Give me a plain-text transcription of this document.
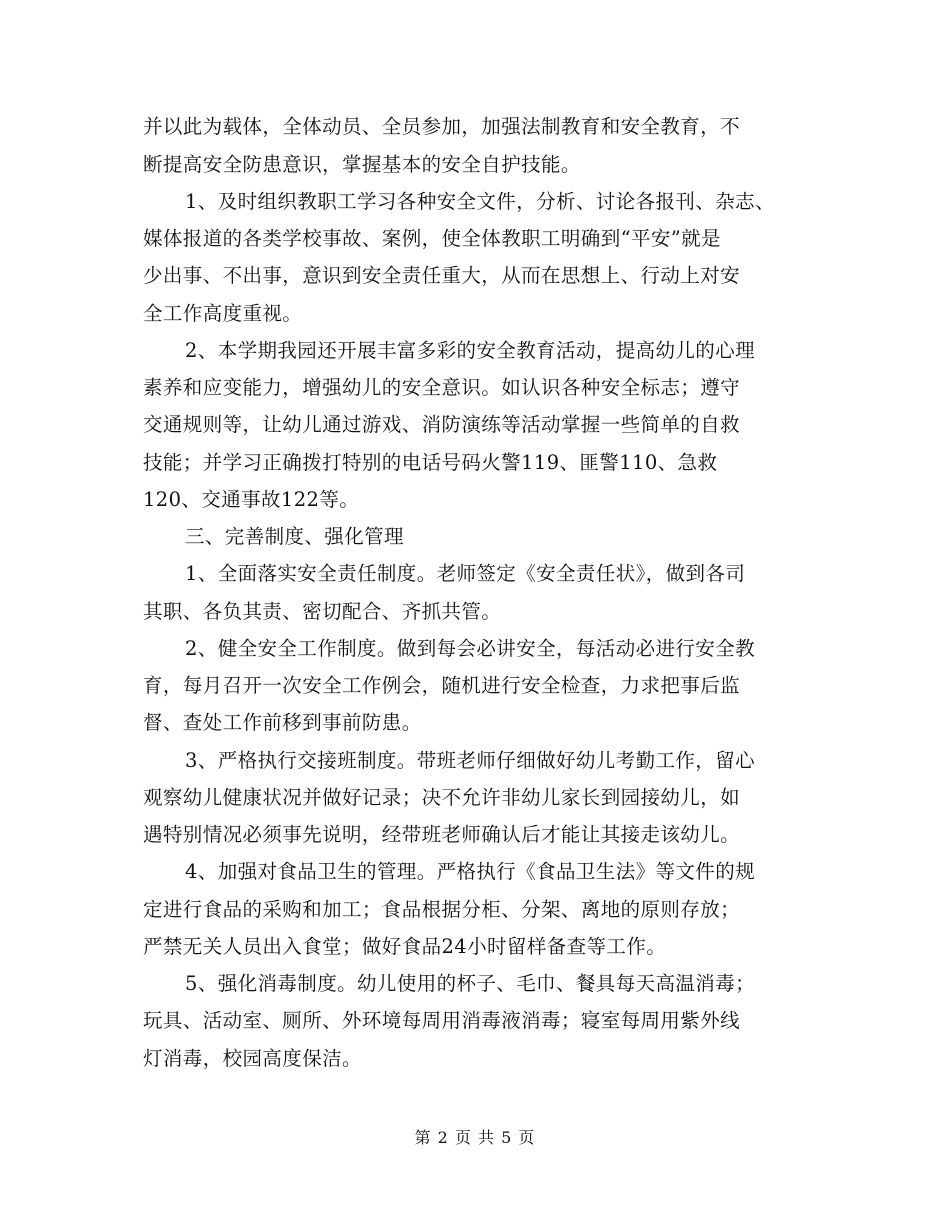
并以此为载体，全体动员、全员参加，加强法制教育和安全教育，不
断提高安全防患意识，掌握基本的安全自护技能。
1、及时组织教职工学习各种安全文件，分析、讨论各报刊、杂志、
媒体报道的各类学校事故、案例，使全体教职工明确到“平安”就是
少出事、不出事，意识到安全责任重大，从而在思想上、行动上对安
全工作高度重视。
2、本学期我园还开展丰富多彩的安全教育活动，提高幼儿的心理
素养和应变能力，增强幼儿的安全意识。如认识各种安全标志；遵守
交通规则等，让幼儿通过游戏、消防演练等活动掌握一些简单的自救
技能；并学习正确拨打特别的电话号码火警119、匪警110、急救
120、交通事故122等。
三、完善制度、强化管理
1、全面落实安全责任制度。老师签定《安全责任状》，做到各司
其职、各负其责、密切配合、齐抓共管。
2、健全安全工作制度。做到每会必讲安全，每活动必进行安全教
育，每月召开一次安全工作例会，随机进行安全检查，力求把事后监
督、查处工作前移到事前防患。
3、严格执行交接班制度。带班老师仔细做好幼儿考勤工作，留心
观察幼儿健康状况并做好记录；决不允许非幼儿家长到园接幼儿，如
遇特别情况必须事先说明，经带班老师确认后才能让其接走该幼儿。
4、加强对食品卫生的管理。严格执行《食品卫生法》等文件的规
定进行食品的采购和加工；食品根据分柜、分架、离地的原则存放；
严禁无关人员出入食堂；做好食品24小时留样备查等工作。
5、强化消毒制度。幼儿使用的杯子、毛巾、餐具每天高温消毒；
玩具、活动室、厕所、外环境每周用消毒液消毒；寝室每周用紫外线
灯消毒，校园高度保洁。
第 2 页 共 5 页
